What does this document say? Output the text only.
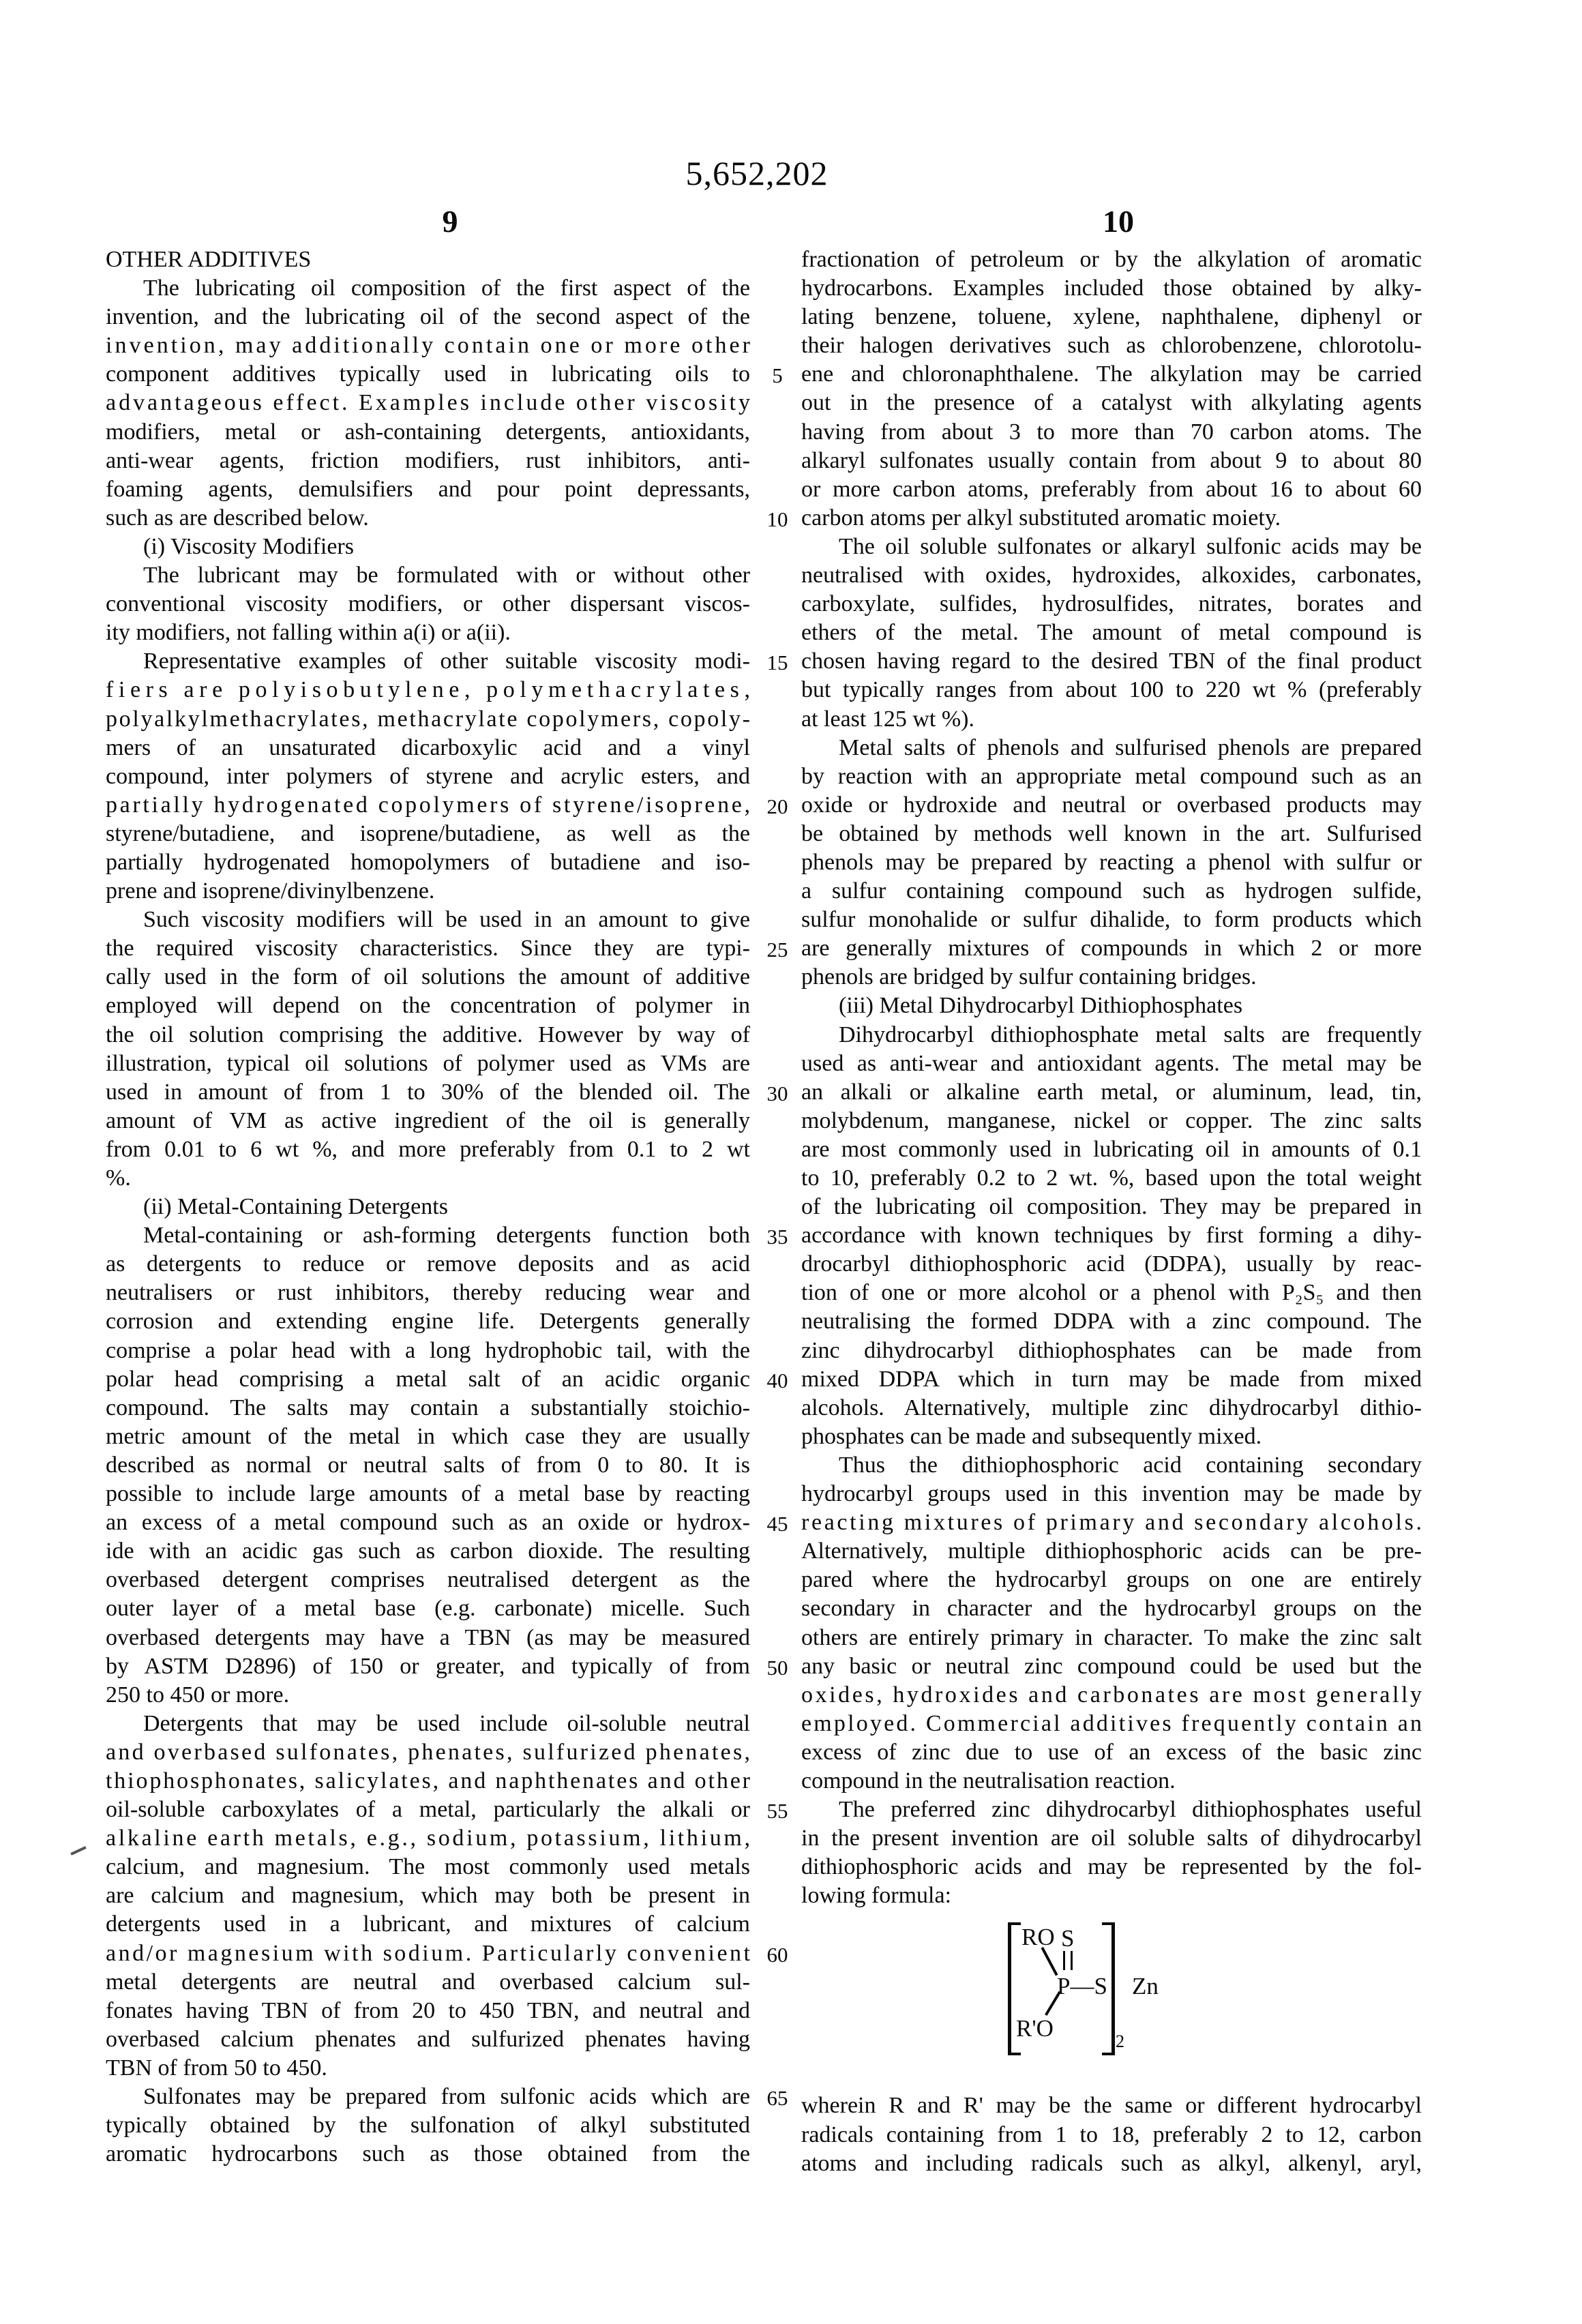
5,652,202
9	10
5
10
15
20
25
30
35
40
45
50
55
60
65
OTHER ADDITIVES
The lubricating oil composition of the first aspect of the
invention, and the lubricating oil of the second aspect of the
invention, may additionally contain one or more other
component additives typically used in lubricating oils to
advantageous effect. Examples include other viscosity
modifiers, metal or ash-containing detergents, antioxidants,
anti-wear agents, friction modifiers, rust inhibitors, anti-
foaming agents, demulsifiers and pour point depressants,
such as are described below.
(i) Viscosity Modifiers
The lubricant may be formulated with or without other
conventional viscosity modifiers, or other dispersant viscos-
ity modifiers, not falling within a(i) or a(ii).
Representative examples of other suitable viscosity modi-
fiers are polyisobutylene, polymethacrylates,
polyalkylmethacrylates, methacrylate copolymers, copoly-
mers of an unsaturated dicarboxylic acid and a vinyl
compound, inter polymers of styrene and acrylic esters, and
partially hydrogenated copolymers of styrene/isoprene,
styrene/butadiene, and isoprene/butadiene, as well as the
partially hydrogenated homopolymers of butadiene and iso-
prene and isoprene/divinylbenzene.
Such viscosity modifiers will be used in an amount to give
the required viscosity characteristics. Since they are typi-
cally used in the form of oil solutions the amount of additive
employed will depend on the concentration of polymer in
the oil solution comprising the additive. However by way of
illustration, typical oil solutions of polymer used as VMs are
used in amount of from 1 to 30% of the blended oil. The
amount of VM as active ingredient of the oil is generally
from 0.01 to 6 wt %, and more preferably from 0.1 to 2 wt
%.
(ii) Metal-Containing Detergents
Metal-containing or ash-forming detergents function both
as detergents to reduce or remove deposits and as acid
neutralisers or rust inhibitors, thereby reducing wear and
corrosion and extending engine life. Detergents generally
comprise a polar head with a long hydrophobic tail, with the
polar head comprising a metal salt of an acidic organic
compound. The salts may contain a substantially stoichio-
metric amount of the metal in which case they are usually
described as normal or neutral salts of from 0 to 80. It is
possible to include large amounts of a metal base by reacting
an excess of a metal compound such as an oxide or hydrox-
ide with an acidic gas such as carbon dioxide. The resulting
overbased detergent comprises neutralised detergent as the
outer layer of a metal base (e.g. carbonate) micelle. Such
overbased detergents may have a TBN (as may be measured
by ASTM D2896) of 150 or greater, and typically of from
250 to 450 or more.
Detergents that may be used include oil-soluble neutral
and overbased sulfonates, phenates, sulfurized phenates,
thiophosphonates, salicylates, and naphthenates and other
oil-soluble carboxylates of a metal, particularly the alkali or
alkaline earth metals, e.g., sodium, potassium, lithium,
calcium, and magnesium. The most commonly used metals
are calcium and magnesium, which may both be present in
detergents used in a lubricant, and mixtures of calcium
and/or magnesium with sodium. Particularly convenient
metal detergents are neutral and overbased calcium sul-
fonates having TBN of from 20 to 450 TBN, and neutral and
overbased calcium phenates and sulfurized phenates having
TBN of from 50 to 450.
Sulfonates may be prepared from sulfonic acids which are
typically obtained by the sulfonation of alkyl substituted
aromatic hydrocarbons such as those obtained from the
fractionation of petroleum or by the alkylation of aromatic
hydrocarbons. Examples included those obtained by alky-
lating benzene, toluene, xylene, naphthalene, diphenyl or
their halogen derivatives such as chlorobenzene, chlorotolu-
ene and chloronaphthalene. The alkylation may be carried
out in the presence of a catalyst with alkylating agents
having from about 3 to more than 70 carbon atoms. The
alkaryl sulfonates usually contain from about 9 to about 80
or more carbon atoms, preferably from about 16 to about 60
carbon atoms per alkyl substituted aromatic moiety.
The oil soluble sulfonates or alkaryl sulfonic acids may be
neutralised with oxides, hydroxides, alkoxides, carbonates,
carboxylate, sulfides, hydrosulfides, nitrates, borates and
ethers of the metal. The amount of metal compound is
chosen having regard to the desired TBN of the final product
but typically ranges from about 100 to 220 wt % (preferably
at least 125 wt %).
Metal salts of phenols and sulfurised phenols are prepared
by reaction with an appropriate metal compound such as an
oxide or hydroxide and neutral or overbased products may
be obtained by methods well known in the art. Sulfurised
phenols may be prepared by reacting a phenol with sulfur or
a sulfur containing compound such as hydrogen sulfide,
sulfur monohalide or sulfur dihalide, to form products which
are generally mixtures of compounds in which 2 or more
phenols are bridged by sulfur containing bridges.
(iii) Metal Dihydrocarbyl Dithiophosphates
Dihydrocarbyl dithiophosphate metal salts are frequently
used as anti-wear and antioxidant agents. The metal may be
an alkali or alkaline earth metal, or aluminum, lead, tin,
molybdenum, manganese, nickel or copper. The zinc salts
are most commonly used in lubricating oil in amounts of 0.1
to 10, preferably 0.2 to 2 wt. %, based upon the total weight
of the lubricating oil composition. They may be prepared in
accordance with known techniques by first forming a dihy-
drocarbyl dithiophosphoric acid (DDPA), usually by reac-
tion of one or more alcohol or a phenol with P₂S₅ and then
neutralising the formed DDPA with a zinc compound. The
zinc dihydrocarbyl dithiophosphates can be made from
mixed DDPA which in turn may be made from mixed
alcohols. Alternatively, multiple zinc dihydrocarbyl dithio-
phosphates can be made and subsequently mixed.
Thus the dithiophosphoric acid containing secondary
hydrocarbyl groups used in this invention may be made by
reacting mixtures of primary and secondary alcohols.
Alternatively, multiple dithiophosphoric acids can be pre-
pared where the hydrocarbyl groups on one are entirely
secondary in character and the hydrocarbyl groups on the
others are entirely primary in character. To make the zinc salt
any basic or neutral zinc compound could be used but the
oxides, hydroxides and carbonates are most generally
employed. Commercial additives frequently contain an
excess of zinc due to use of an excess of the basic zinc
compound in the neutralisation reaction.
The preferred zinc dihydrocarbyl dithiophosphates useful
in the present invention are oil soluble salts of dihydrocarbyl
dithiophosphoric acids and may be represented by the fol-
lowing formula:
RO S
P—S
R'O	2
Zn
wherein R and R' may be the same or different hydrocarbyl
radicals containing from 1 to 18, preferably 2 to 12, carbon
atoms and including radicals such as alkyl, alkenyl, aryl,
